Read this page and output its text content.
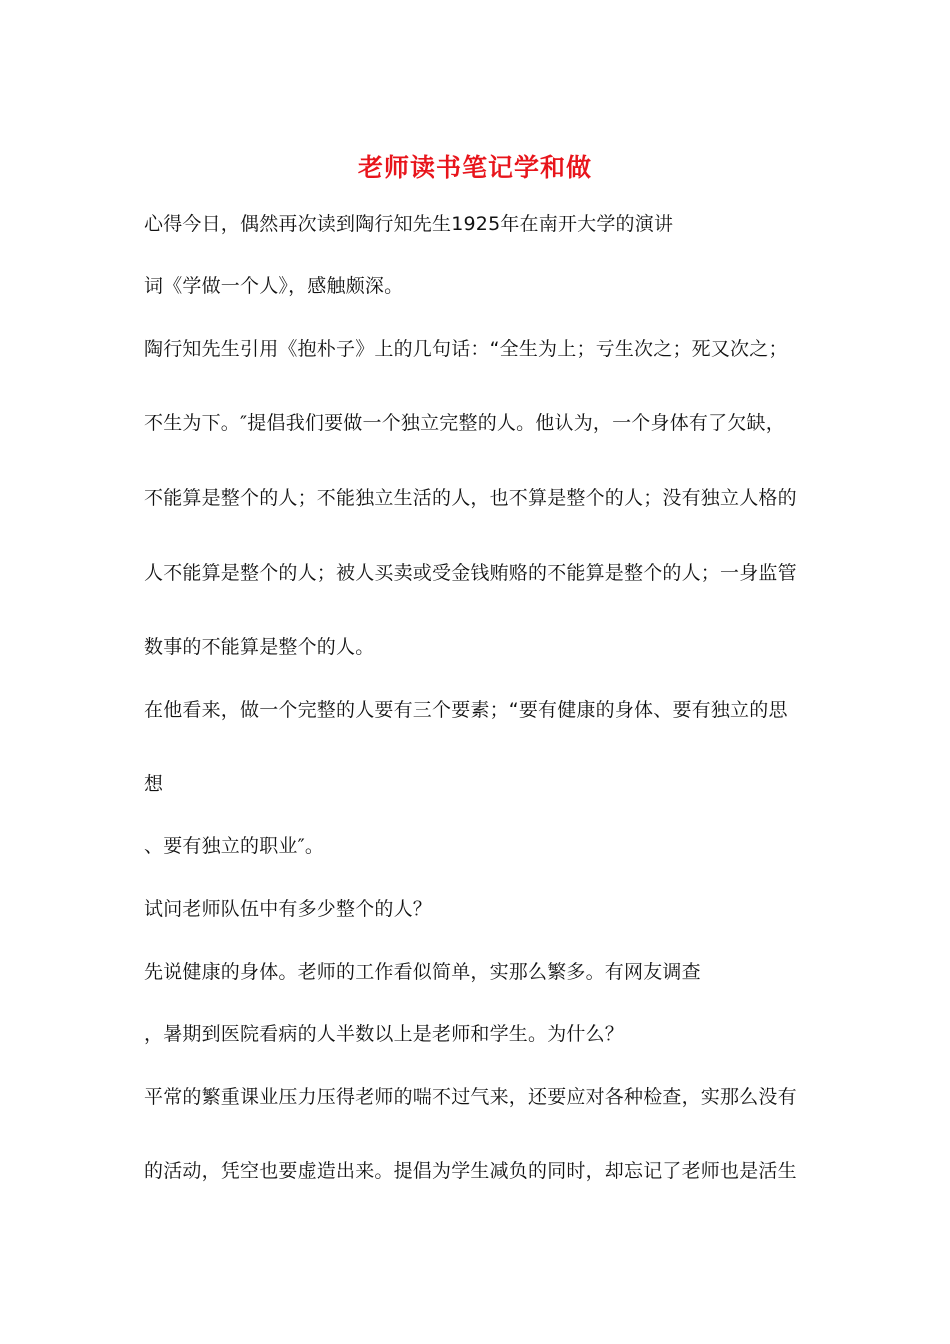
老师读书笔记学和做
心得今日，偶然再次读到陶行知先生1925年在南开大学的演讲
词《学做一个人》，感触颇深。
陶行知先生引用《抱朴子》上的几句话：“全生为上；亏生次之；死又次之；
不生为下。″提倡我们要做一个独立完整的人。他认为，一个身体有了欠缺，
不能算是整个的人；不能独立生活的人，也不算是整个的人；没有独立人格的
人不能算是整个的人；被人买卖或受金钱贿赂的不能算是整个的人；一身监管
数事的不能算是整个的人。
在他看来，做一个完整的人要有三个要素；“要有健康的身体、要有独立的思
想
、要有独立的职业″。
试问老师队伍中有多少整个的人？
先说健康的身体。老师的工作看似简单，实那么繁多。有网友调查
，暑期到医院看病的人半数以上是老师和学生。为什么？
平常的繁重课业压力压得老师的喘不过气来，还要应对各种检查，实那么没有
的活动，凭空也要虚造出来。提倡为学生减负的同时，却忘记了老师也是活生
